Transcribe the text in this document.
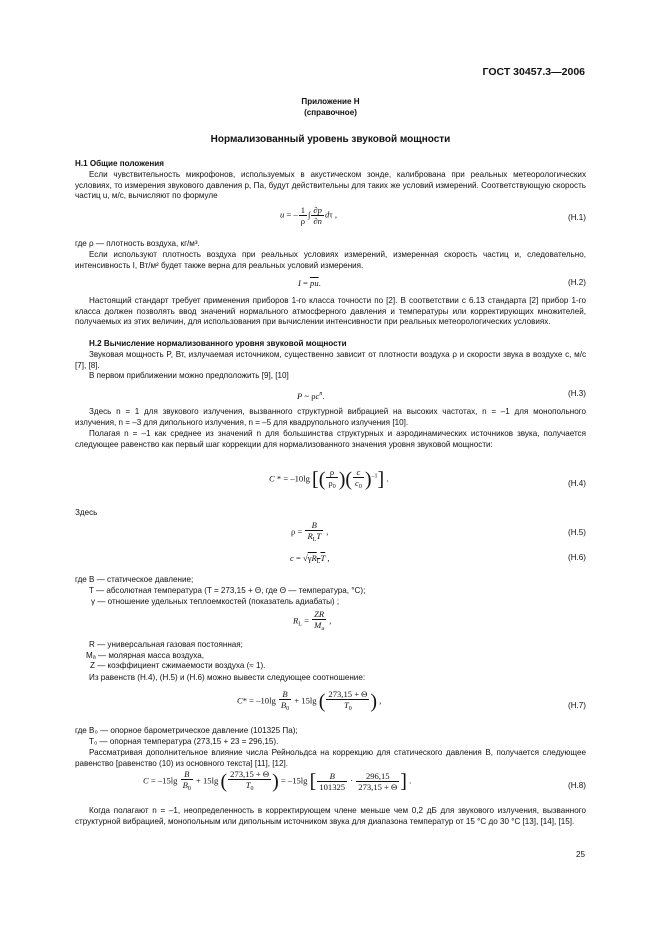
ГОСТ 30457.3—2006
Приложение Н
(справочное)
Нормализованный уровень звуковой мощности
Н.1 Общие положения
Если чувствительность микрофонов, используемых в акустическом зонде, калибрована при реальных метеорологических условиях, то измерения звукового давления р, Па, будут действительны для таких же условий измерений. Соответствующую скорость частиц u, м/с, вычисляют по формуле
u = – $\frac{1}{\rho}$ ∫ $\frac{\partial p}{\partial n}$ dτ ,	(Н.1)
где ρ — плотность воздуха, кг/м³.
Если используют плотность воздуха при реальных условиях измерений, измеренная скорость частиц и, следовательно, интенсивность I, Вт/м² будет также верна для реальных условий измерения.
$I = \overline{pu}$.	(Н.2)
Настоящий стандарт требует применения приборов 1-го класса точности по [2]. В соответствии с 6.13 стандарта [2] прибор 1-го класса должен позволять ввод значений нормального атмосферного давления и температуры или корректирующих множителей, получаемых из этих величин, для использования при вычислении интенсивности при реальных метеорологических условиях.
Н.2 Вычисление нормализованного уровня звуковой мощности
Звуковая мощность P, Вт, излучаемая источником, существенно зависит от плотности воздуха ρ и скорости звука в воздухе c, м/с [7], [8].
В первом приближении можно предположить [9], [10]
P ~ $\rho c^n$.	(Н.3)
Здесь n = 1 для звукового излучения, вызванного структурной вибрацией на высоких частотах, n = –1 для монопольного излучения, n = –3 для дипольного излучения, n = –5 для квадрупольного излучения [10].
Полагая n = –1 как среднее из значений n для большинства структурных и аэродинамических источников звука, получается следующее равенство как первый шаг коррекции для нормализованного значения уровня звуковой мощности:
C * = –10lg [( $\frac{\rho}{\rho_0}$ )( $\frac{c}{c_0} )^{-1}$] .
(Н.4)
Здесь
$\rho = \frac{B}{R_LT}$ ,	(Н.5)
$c = √\gamma R_LT$ ,	(Н.6)
где B — статическое давление;
T — абсолютная температура (T = 273,15 + Θ, где Θ — температура, °С);
γ — отношение удельных теплоемкостей (показатель адиабаты) ;
$R_L = \frac{ZR}{M_a}$ ,
R — универсальная газовая постоянная;
Mₐ — молярная масса воздуха,
Z — коэффициент сжимаемости воздуха (≈ 1).
Из равенств (Н.4), (Н.5) и (Н.6) можно вывести следующее соотношение:
$C* = -10\lg \frac{B}{B_0} + 15\lg$ ( $\frac{273,15 + \Theta}{T_0}$ ) ,
(Н.7)
где B₀ — опорное барометрическое давление (101325 Па);
T₀ — опорная температура (273,15 + 23 = 296,15).
Рассматривая дополнительное влияние числа Рейнольдса на коррекцию для статического давления B, получается следующее равенство [равенство (10) из основного текста] [11], [12].
$C = -15\lg \frac{B}{B_0} + 15\lg$ ( $\frac{273,15 + \Theta}{T_0}$ ) = –15lg [ $\frac{B}{101325} \cdot \frac{296,15}{273,15 + \Theta}$ ] .
(Н.8)
Когда полагают n = –1, неопределенность в корректирующем члене меньше чем 0,2 дБ для звукового излучения, вызванного структурной вибрацией, монопольным или дипольным источником звука для диапазона температур от 15 °С до 30 °С [13], [14], [15].
25
